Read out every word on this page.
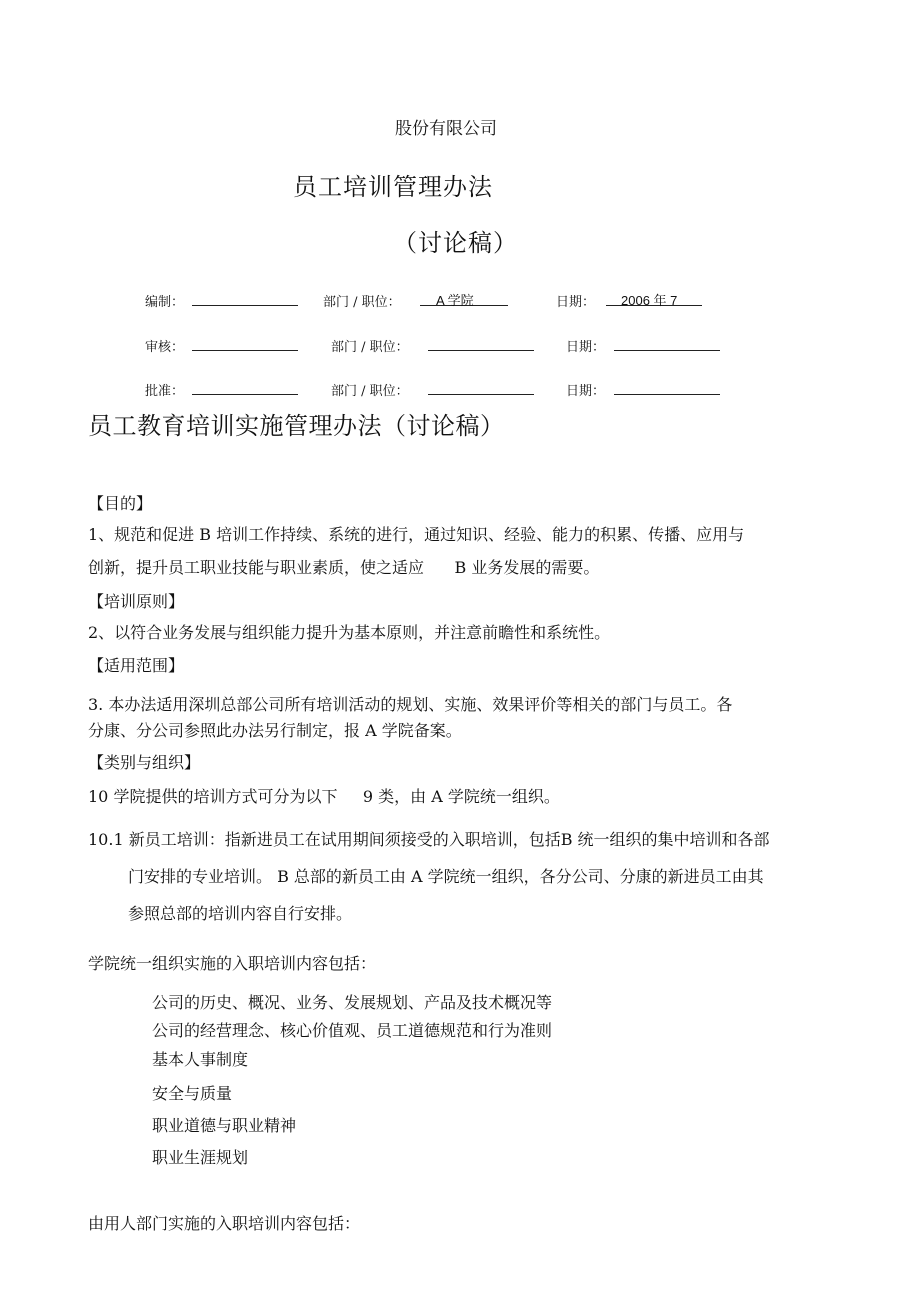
股份有限公司
员工培训管理办法
（讨论稿）
编制：	部门 / 职位：	A 学院	日期： 2006 年 7
审核：	部门 / 职位：	日期：
批准：	部门 / 职位：	日期：
员工教育培训实施管理办法（讨论稿）
【目的】
1、规范和促进 B 培训工作持续、系统的进行，通过知识、经验、能力的积累、传播、应用与
创新，提升员工职业技能与职业素质，使之适应      B 业务发展的需要。
【培训原则】
2、以符合业务发展与组织能力提升为基本原则，并注意前瞻性和系统性。
【适用范围】
3. 本办法适用深圳总部公司所有培训活动的规划、实施、效果评价等相关的部门与员工。各
分康、分公司参照此办法另行制定，报 A 学院备案。
【类别与组织】
10 学院提供的培训方式可分为以下     9 类，由 A 学院统一组织。
10.1 新员工培训：指新进员工在试用期间须接受的入职培训，包括B 统一组织的集中培训和各部
门安排的专业培训。 B 总部的新员工由 A 学院统一组织，各分公司、分康的新进员工由其
参照总部的培训内容自行安排。
学院统一组织实施的入职培训内容包括：
公司的历史、概况、业务、发展规划、产品及技术概况等
公司的经营理念、核心价值观、员工道德规范和行为准则
基本人事制度
安全与质量
职业道德与职业精神
职业生涯规划
由用人部门实施的入职培训内容包括：
